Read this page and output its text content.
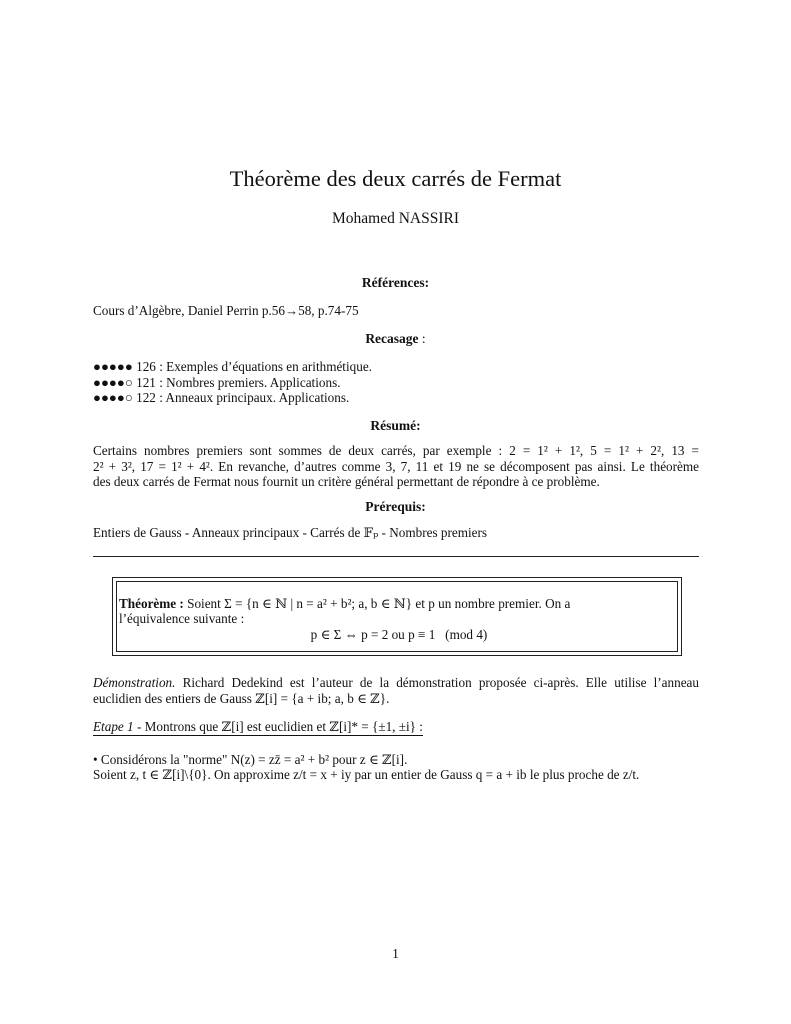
Théorème des deux carrés de Fermat
Mohamed NASSIRI
Références:
Cours d’Algèbre, Daniel Perrin p.56→58, p.74-75
Recasage :
●●●●● 126 : Exemples d’équations en arithmétique.
●●●●○ 121 : Nombres premiers. Applications.
●●●●○ 122 : Anneaux principaux. Applications.
Résumé:
Certains nombres premiers sont sommes de deux carrés, par exemple : 2 = 1² + 1², 5 = 1² + 2², 13 =
2² + 3², 17 = 1² + 4². En revanche, d’autres comme 3, 7, 11 et 19 ne se décomposent pas ainsi. Le théorème
des deux carrés de Fermat nous fournit un critère général permettant de répondre à ce problème.
Prérequis:
Entiers de Gauss - Anneaux principaux - Carrés de 𝔽ₚ - Nombres premiers
Théorème : Soient Σ = {n ∈ ℕ | n = a² + b²; a, b ∈ ℕ} et p un nombre premier. On a
l’équivalence suivante :
p ∈ Σ ⇔ p = 2 ou p ≡ 1   (mod 4)
Démonstration. Richard Dedekind est l’auteur de la démonstration proposée ci-après. Elle utilise l’anneau
euclidien des entiers de Gauss ℤ[i] = {a + ib; a, b ∈ ℤ}.
Etape 1 - Montrons que ℤ[i] est euclidien et ℤ[i]* = {±1, ±i} :
• Considérons la "norme" N(z) = zz̄ = a² + b² pour z ∈ ℤ[i].
Soient z, t ∈ ℤ[i]\{0}. On approxime z/t = x + iy par un entier de Gauss q = a + ib le plus proche de z/t.
1
